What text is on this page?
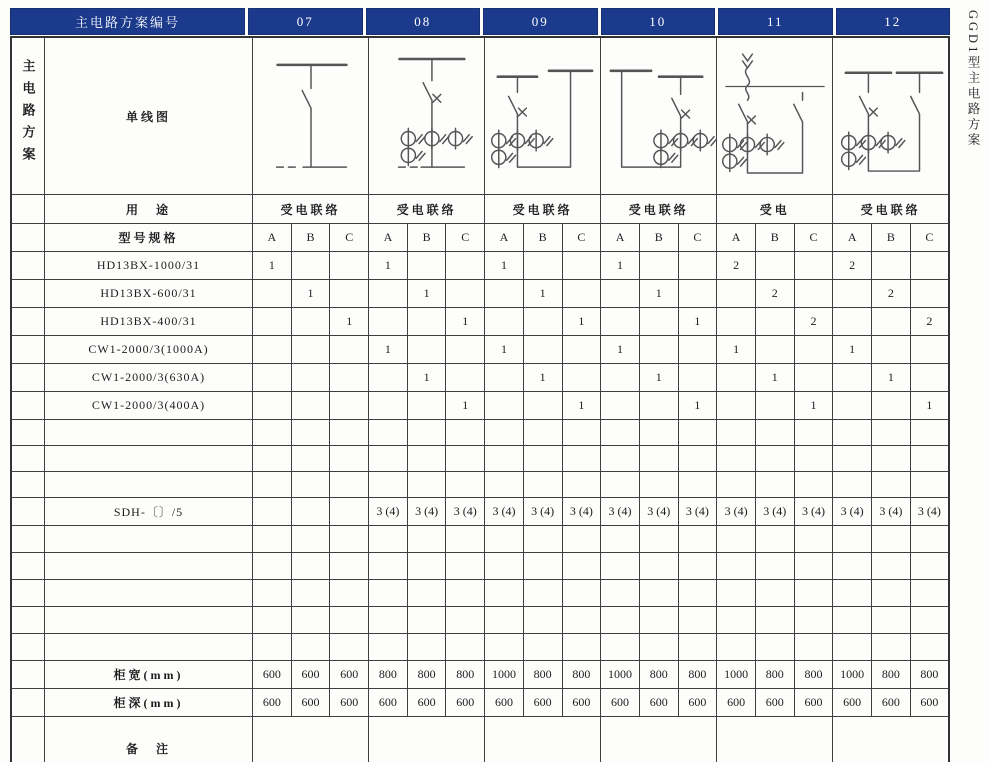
主电路方案编号	07	08	09	10	11	12
主电路方案	单线图	

	用　途	受电联络			受电联络			受电联络			受电联络			受电			受电联络		
	型号规格	A	B	C	A	B	C	A	B	C	A	B	C	A	B	C	A	B	C
	HD13BX-1000/31	1			1			1			1			2			2		
	HD13BX-600/31		1			1			1			1			2			2	
	HD13BX-400/31			1			1			1			1			2			2
	CW1-2000/3(1000A)				1			1			1			1			1		
	CW1-2000/3(630A)					1			1			1			1			1	
	CW1-2000/3(400A)						1			1			1			1			1

	SDH-〔〕/5				3 (4)	3 (4)	3 (4)	3 (4)	3 (4)	3 (4)	3 (4)	3 (4)	3 (4)	3 (4)	3 (4)	3 (4)	3 (4)	3 (4)	3 (4)

	柜宽(mm)	600	600	600	800	800	800	1000	800	800	1000	800	800	1000	800	800	1000	800	800
	柜深(mm)	600	600	600	600	600	600	600	600	600	600	600	600	600	600	600	600	600	600
	备　注																		
GGD1型主电路方案
